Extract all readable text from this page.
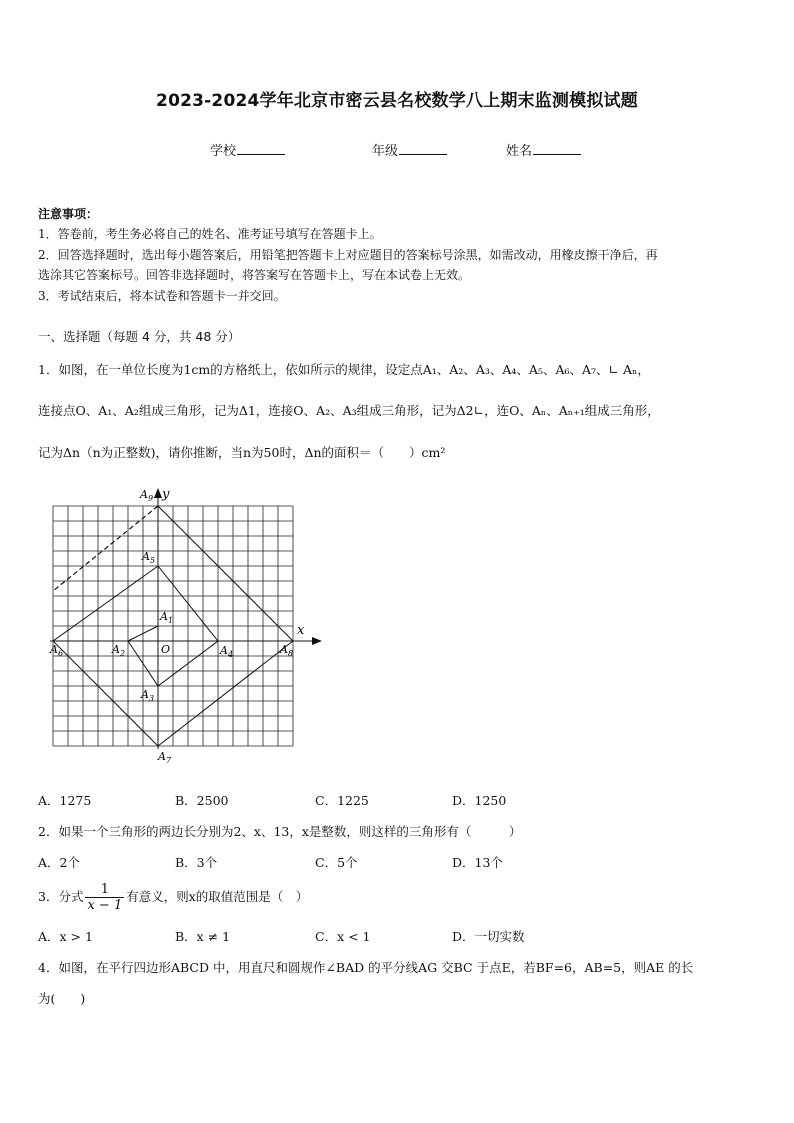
2023-2024学年北京市密云县名校数学八上期末监测模拟试题
学校	年级	姓名
注意事项：
1．答卷前，考生务必将自己的姓名、准考证号填写在答题卡上。
2．回答选择题时，选出每小题答案后，用铅笔把答题卡上对应题目的答案标号涂黑，如需改动，用橡皮擦干净后，再
选涂其它答案标号。回答非选择题时，将答案写在答题卡上，写在本试卷上无效。
3．考试结束后，将本试卷和答题卡一并交回。
一、选择题（每题 4 分，共 48 分）
1．如图，在一单位长度为1cm的方格纸上，依如所示的规律，设定点A₁、A₂、A₃、A₄、A₅、A₆、A₇、∟ Aₙ，
连接点O、A₁、A₂组成三角形，记为Δ1，连接O、A₂、A₃组成三角形，记为Δ2∟，连O、Aₙ、Aₙ₊₁组成三角形，
记为Δn（n为正整数)，请你推断，当n为50时，Δn的面积＝（　　）cm²
x
y
O
$A_1$
$A_2$
$A_3$
$A_4$
$A_5$
$A_6$
$A_7$
$A_8$
$A_9$
A．1275	B．2500	C．1225	D．1250
2．如果一个三角形的两边长分别为2、x、13，x是整数，则这样的三角形有（　　　）
A．2个	B．3个	C．5个	D．13个
3．分式 $\frac{1}{x - 1}$ 有意义，则x的取值范围是（　）
A．x > 1	B．x ≠ 1	C．x < 1	D．一切实数
4．如图，在平行四边形ABCD 中，用直尺和圆规作∠BAD 的平分线AG 交BC 于点E，若BF=6，AB=5，则AE 的长
为(　　)
